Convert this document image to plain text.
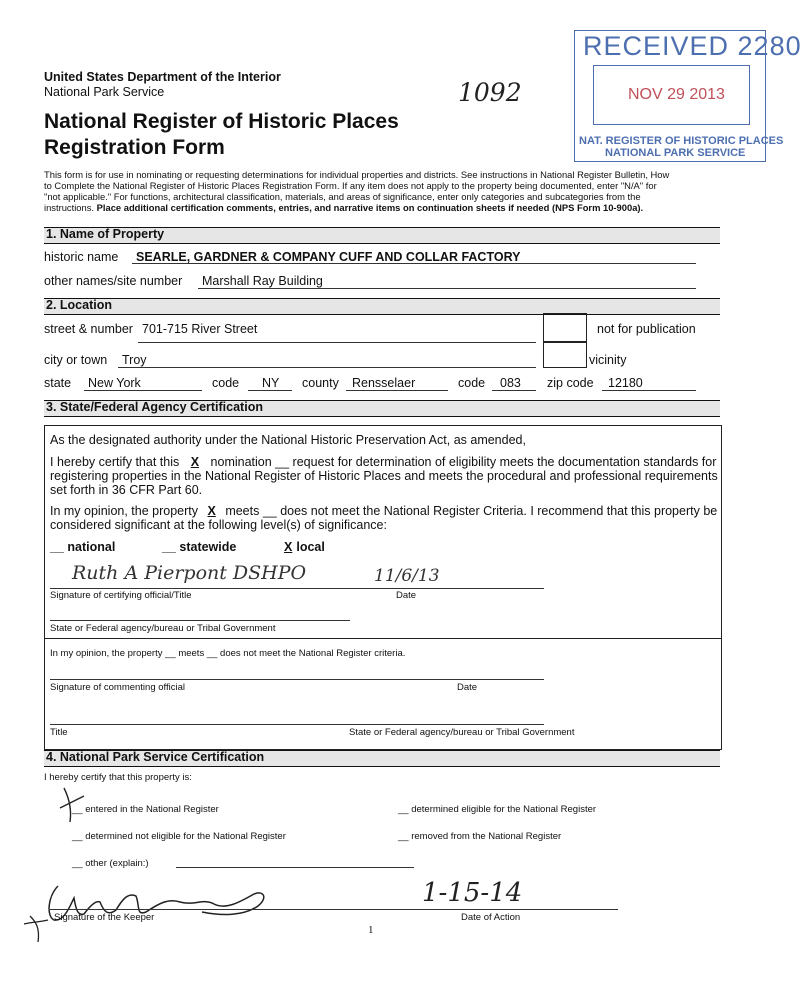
United States Department of the Interior
National Park Service
National Register of Historic Places
Registration Form
1092
RECEIVED 2280
NOV 29 2013
NAT. REGISTER OF HISTORIC PLACES
NATIONAL PARK SERVICE
This form is for use in nominating or requesting determinations for individual properties and districts. See instructions in National Register Bulletin, How
to Complete the National Register of Historic Places Registration Form. If any item does not apply to the property being documented, enter "N/A" for
"not applicable." For functions, architectural classification, materials, and areas of significance, enter only categories and subcategories from the
instructions. Place additional certification comments, entries, and narrative items on continuation sheets if needed (NPS Form 10-900a).
1. Name of Property
historic name SEARLE, GARDNER & COMPANY CUFF AND COLLAR FACTORY
other names/site number Marshall Ray Building
2. Location
street & number 701-715 River Street	not for publication
city or town Troy	vicinity
state New York	code NY county Rensselaer	code 083 zip code 12180
3. State/Federal Agency Certification
As the designated authority under the National Historic Preservation Act, as amended,
I hereby certify that this X nomination __ request for determination of eligibility meets the documentation standards for
registering properties in the National Register of Historic Places and meets the procedural and professional requirements
set forth in 36 CFR Part 60.
In my opinion, the property X meets __ does not meet the National Register Criteria. I recommend that this property be
considered significant at the following level(s) of significance:
__ national	__ statewide	X local
Ruth A Pierpont DSHPO	11/6/13
Signature of certifying official/Title	Date
State or Federal agency/bureau or Tribal Government
In my opinion, the property __ meets __ does not meet the National Register criteria.
Signature of commenting official	Date
Title	State or Federal agency/bureau or Tribal Government
4. National Park Service Certification
I hereby certify that this property is:
__ entered in the National Register	__ determined eligible for the National Register
__ determined not eligible for the National Register	__ removed from the National Register
__ other (explain:)
1-15-14
Signature of the Keeper	Date of Action
1
